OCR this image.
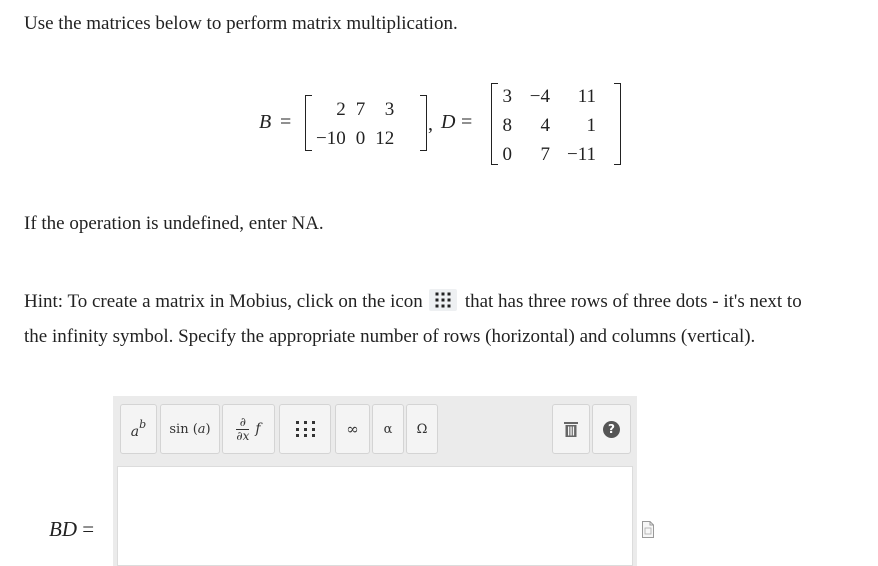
Use the matrices below to perform matrix multiplication.
B =
2	7	3
−10	0	12
, D =
3	−4	11
8	4	1
0	7	−11
If the operation is undefined, enter NA.
Hint: To create a matrix in Mobius, click on the icon that has three rows of three dots - it's next to
the infinity symbol. Specify the appropriate number of rows (horizontal) and columns (vertical).
$a^b$ sin (a) ∂
∂x f	∞ α Ω	?
BD =
